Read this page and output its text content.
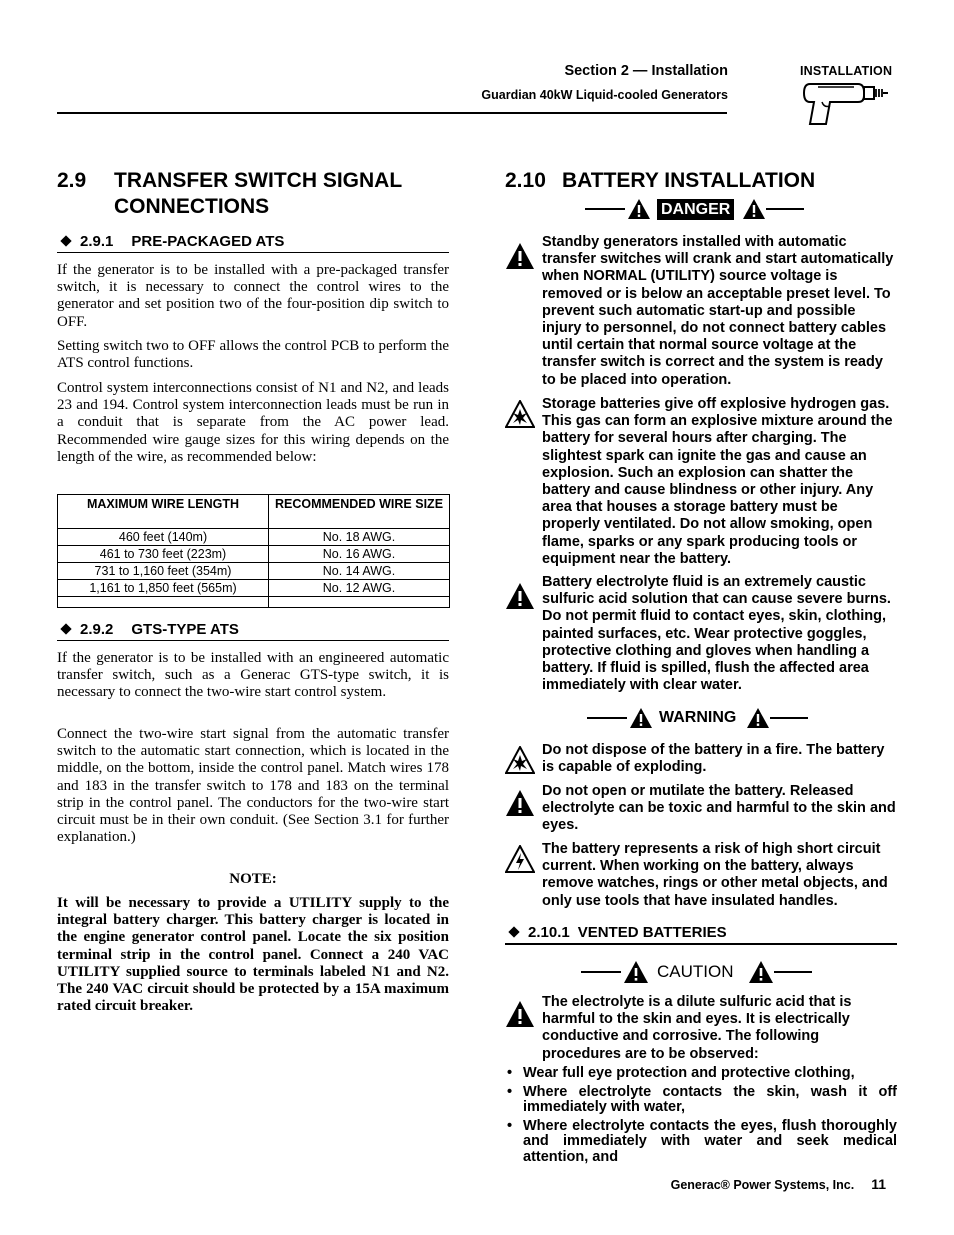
Section 2 — Installation
Guardian 40kW Liquid-cooled Generators
INSTALLATION
2.9	TRANSFER SWITCH SIGNAL CONNECTIONS
2.9.1 PRE-PACKAGED ATS

If the generator is to be installed with a pre-packaged transfer switch, it is necessary to connect the control wires to the generator and set position two of the four-position dip switch to OFF.

Setting switch two to OFF allows the control PCB to perform the ATS control functions.

Control system interconnections consist of N1 and N2, and leads 23 and 194. Control system interconnection leads must be run in a conduit that is separate from the AC power lead. Recommended wire gauge sizes for this wiring depends on the length of the wire, as recommended below:

MAXIMUM WIRE LENGTH	RECOMMENDED WIRE SIZE
460 feet (140m)	No. 18 AWG.
461 to 730 feet (223m)	No. 16 AWG.
731 to 1,160 feet (354m)	No. 14 AWG.
1,161 to 1,850 feet (565m)	No. 12 AWG.

2.9.2 GTS-TYPE ATS

If the generator is to be installed with an engineered automatic transfer switch, such as a Generac GTS-type switch, it is necessary to connect the two-wire start control system.

Connect the two-wire start signal from the automatic transfer switch to the automatic start connection, which is located in the middle, on the bottom, inside the control panel. Match wires 178 and 183 in the transfer switch to 178 and 183 on the terminal strip in the control panel. The conductors for the two-wire start circuit must be in their own conduit. (See Section 3.1 for further explanation.)

NOTE:

It will be necessary to provide a UTILITY supply to the integral battery charger. This battery charger is located in the engine generator control panel. Locate the six position terminal strip in the control panel. Connect a 240 VAC UTILITY supplied source to terminals labeled N1 and N2. The 240 VAC circuit should be protected by a 15A maximum rated circuit breaker.

2.10 BATTERY INSTALLATION
DANGER
Standby generators installed with automatic transfer switches will crank and start automatically when NORMAL (UTILITY) source voltage is removed or is below an acceptable preset level. To prevent such automatic start-up and possible injury to personnel, do not connect battery cables until certain that normal source voltage at the transfer switch is correct and the system is ready to be placed into operation.
Storage batteries give off explosive hydrogen gas. This gas can form an explosive mixture around the battery for several hours after charging. The slightest spark can ignite the gas and cause an explosion. Such an explosion can shatter the battery and cause blindness or other injury. Any area that houses a storage battery must be properly ventilated. Do not allow smoking, open flame, sparks or any spark producing tools or equipment near the battery.
Battery electrolyte fluid is an extremely caustic sulfuric acid solution that can cause severe burns. Do not permit fluid to contact eyes, skin, clothing, painted surfaces, etc. Wear protective goggles, protective clothing and gloves when handling a battery. If fluid is spilled, flush the affected area immediately with clear water.
WARNING
Do not dispose of the battery in a fire. The battery is capable of exploding.
Do not open or mutilate the battery. Released electrolyte can be toxic and harmful to the skin and eyes.
The battery represents a risk of high short circuit current. When working on the battery, always remove watches, rings or other metal objects, and only use tools that have insulated handles.
2.10.1 VENTED BATTERIES
CAUTION
The electrolyte is a dilute sulfuric acid that is harmful to the skin and eyes. It is electrically conductive and corrosive. The following procedures are to be observed:
• Wear full eye protection and protective clothing,
• Where electrolyte contacts the skin, wash it off immediately with water,
• Where electrolyte contacts the eyes, flush thoroughly and immediately with water and seek medical attention, and
Generac® Power Systems, Inc. 11
